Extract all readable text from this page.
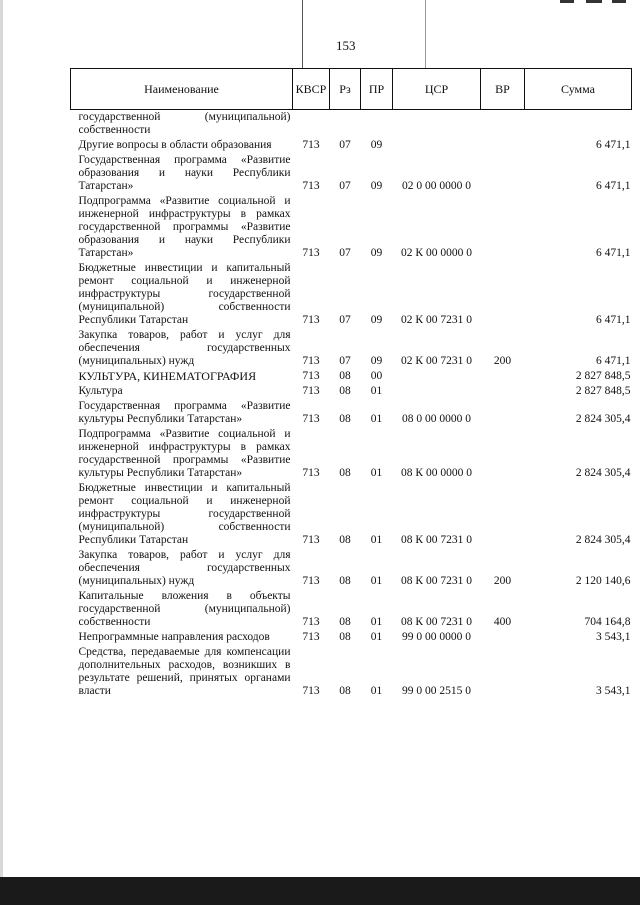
153
Наименование	КВСР	Рз	ПР	ЦСР	ВР	Сумма
государственной (муниципальной) собственности						
Другие вопросы в области образования	713	07	09			6 471,1
Государственная программа «Развитие образования и науки Республики Татарстан»	713	07	09	02 0 00 0000 0		6 471,1
Подпрограмма «Развитие социальной и инженерной инфраструктуры в рамках государственной программы «Развитие образования и науки Республики Татарстан»	713	07	09	02 К 00 0000 0		6 471,1
Бюджетные инвестиции и капитальный ремонт социальной и инженерной инфраструктуры государственной (муниципальной) собственности Республики Татарстан	713	07	09	02 К 00 7231 0		6 471,1
Закупка товаров, работ и услуг для обеспечения государственных (муниципальных) нужд	713	07	09	02 К 00 7231 0	200	6 471,1
КУЛЬТУРА, КИНЕМАТОГРАФИЯ	713	08	00			2 827 848,5
Культура	713	08	01			2 827 848,5
Государственная программа «Развитие культуры Республики Татарстан»	713	08	01	08 0 00 0000 0		2 824 305,4
Подпрограмма «Развитие социальной и инженерной инфраструктуры в рамках государственной программы «Развитие культуры Республики Татарстан»	713	08	01	08 К 00 0000 0		2 824 305,4
Бюджетные инвестиции и капитальный ремонт социальной и инженерной инфраструктуры государственной (муниципальной) собственности Республики Татарстан	713	08	01	08 К 00 7231 0		2 824 305,4
Закупка товаров, работ и услуг для обеспечения государственных (муниципальных) нужд	713	08	01	08 К 00 7231 0	200	2 120 140,6
Капитальные вложения в объекты государственной (муниципальной) собственности	713	08	01	08 К 00 7231 0	400	704 164,8
Непрограммные направления расходов	713	08	01	99 0 00 0000 0		3 543,1
Средства, передаваемые для компенсации дополнительных расходов, возникших в результате решений, принятых органами власти	713	08	01	99 0 00 2515 0		3 543,1
